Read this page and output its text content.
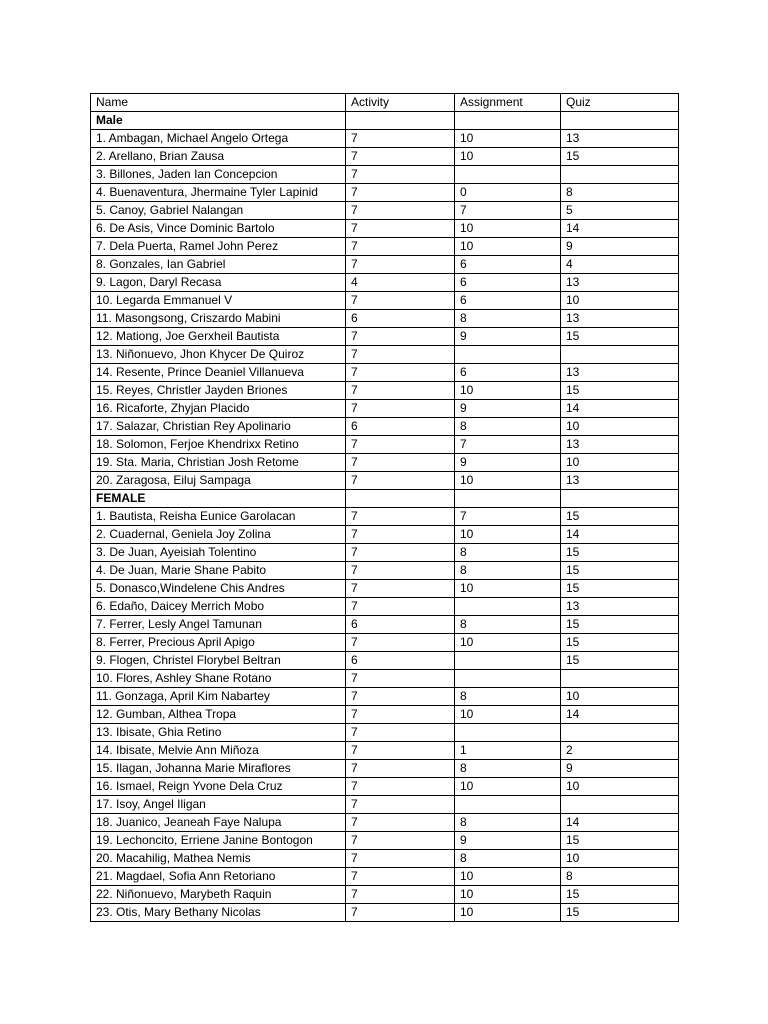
Name	Activity	Assignment	Quiz
Male			
1. Ambagan, Michael Angelo Ortega	7	10	13
2. Arellano, Brian Zausa	7	10	15
3. Billones, Jaden Ian Concepcion	7		
4. Buenaventura, Jhermaine Tyler Lapinid	7	0	8
5. Canoy, Gabriel Nalangan	7	7	5
6. De Asis, Vince Dominic Bartolo	7	10	14
7. Dela Puerta, Ramel John Perez	7	10	9
8. Gonzales, Ian Gabriel	7	6	4
9. Lagon, Daryl Recasa	4	6	13
10. Legarda Emmanuel V	7	6	10
11. Masongsong, Criszardo Mabini	6	8	13
12. Mationg, Joe Gerxheil Bautista	7	9	15
13. Niñonuevo, Jhon Khycer De Quiroz	7		
14. Resente, Prince Deaniel Villanueva	7	6	13
15. Reyes, Christler Jayden Briones	7	10	15
16. Ricaforte, Zhyjan Placido	7	9	14
17. Salazar, Christian Rey Apolinario	6	8	10
18. Solomon, Ferjoe Khendrixx Retino	7	7	13
19. Sta. Maria, Christian Josh Retome	7	9	10
20. Zaragosa, Eiluj Sampaga	7	10	13
FEMALE			
1. Bautista, Reisha Eunice Garolacan	7	7	15
2. Cuadernal, Geniela Joy Zolina	7	10	14
3. De Juan, Ayeisiah Tolentino	7	8	15
4. De Juan, Marie Shane Pabito	7	8	15
5. Donasco,Windelene Chis Andres	7	10	15
6. Edaño, Daicey Merrich Mobo	7		13
7. Ferrer, Lesly Angel Tamunan	6	8	15
8. Ferrer, Precious April Apigo	7	10	15
9. Flogen, Christel Florybel Beltran	6		15
10. Flores, Ashley Shane Rotano	7		
11. Gonzaga, April Kim Nabartey	7	8	10
12. Gumban, Althea Tropa	7	10	14
13. Ibisate, Ghia Retino	7		
14. Ibisate, Melvie Ann Miñoza	7	1	2
15. Ilagan, Johanna Marie Miraflores	7	8	9
16. Ismael, Reign Yvone Dela Cruz	7	10	10
17. Isoy, Angel Iligan	7		
18. Juanico, Jeaneah Faye Nalupa	7	8	14
19. Lechoncito, Erriene Janine Bontogon	7	9	15
20. Macahilig, Mathea Nemis	7	8	10
21. Magdael, Sofia Ann Retoriano	7	10	8
22. Niñonuevo, Marybeth Raquin	7	10	15
23. Otis, Mary Bethany Nicolas	7	10	15
